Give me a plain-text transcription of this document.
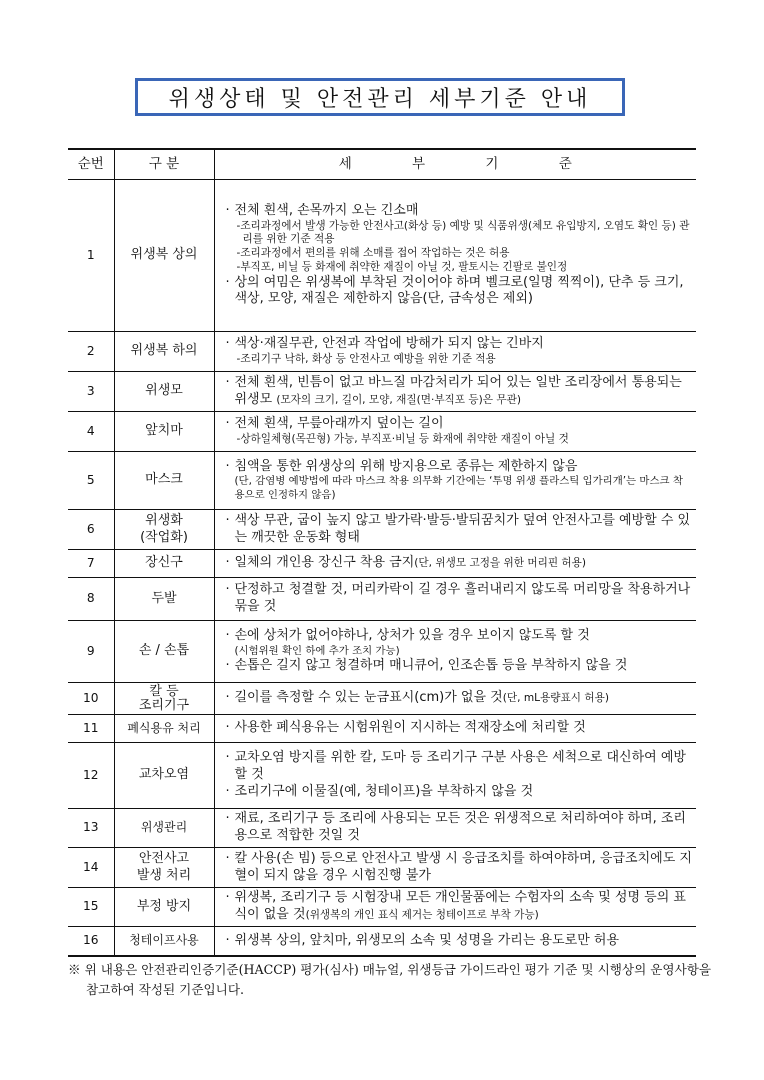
위생상태 및 안전관리 세부기준 안내
순번	구 분	세 부 기 준
1	위생복 상의	· 전체 흰색, 손목까지 오는 긴소매
-조리과정에서 발생 가능한 안전사고(화상 등) 예방 및 식품위생(체모 유입방지, 오염도 확인 등) 관리를 위한 기준 적용
-조리과정에서 편의를 위해 소매를 접어 작업하는 것은 허용
-부직포, 비닐 등 화재에 취약한 재질이 아닐 것, 팔토시는 긴팔로 불인정
· 상의 여밈은 위생복에 부착된 것이어야 하며 벨크로(일명 찍찍이), 단추 등 크기, 색상, 모양, 재질은 제한하지 않음(단, 금속성은 제외)

2	위생복 하의	· 색상·재질무관, 안전과 작업에 방해가 되지 않는 긴바지
-조리기구 낙하, 화상 등 안전사고 예방을 위한 기준 적용

3	위생모	· 전체 흰색, 빈틈이 없고 바느질 마감처리가 되어 있는 일반 조리장에서 통용되는 위생모 (모자의 크기, 길이, 모양, 재질(면·부직포 등)은 무관)

4	앞치마	· 전체 흰색, 무릎아래까지 덮이는 길이
-상하일체형(목끈형) 가능, 부직포·비닐 등 화재에 취약한 재질이 아닐 것

5	마스크	· 침액을 통한 위생상의 위해 방지용으로 종류는 제한하지 않음
(단, 감염병 예방법에 따라 마스크 착용 의무화 기간에는 ‘투명 위생 플라스틱 입가리개’는 마스크 착용으로 인정하지 않음)

6	위생화
(작업화)	· 색상 무관, 굽이 높지 않고 발가락·발등·발뒤꿈치가 덮여 안전사고를 예방할 수 있는 깨끗한 운동화 형태

7	장신구	· 일체의 개인용 장신구 착용 금지(단, 위생모 고정을 위한 머리핀 허용)

8	두발	· 단정하고 청결할 것, 머리카락이 길 경우 흘러내리지 않도록 머리망을 착용하거나 묶을 것

9	손 / 손톱	· 손에 상처가 없어야하나, 상처가 있을 경우 보이지 않도록 할 것
(시험위원 확인 하에 추가 조치 가능)
· 손톱은 길지 않고 청결하며 매니큐어, 인조손톱 등을 부착하지 않을 것

10	칼 등
조리기구	· 길이를 측정할 수 있는 눈금표시(cm)가 없을 것(단, mL용량표시 허용)

11	폐식용유 처리	· 사용한 폐식용유는 시험위원이 지시하는 적재장소에 처리할 것

12	교차오염	· 교차오염 방지를 위한 칼, 도마 등 조리기구 구분 사용은 세척으로 대신하여 예방할 것
· 조리기구에 이물질(예, 청테이프)을 부착하지 않을 것

13	위생관리	· 재료, 조리기구 등 조리에 사용되는 모든 것은 위생적으로 처리하여야 하며, 조리용으로 적합한 것일 것

14	안전사고
발생 처리	· 칼 사용(손 빔) 등으로 안전사고 발생 시 응급조치를 하여야하며, 응급조치에도 지혈이 되지 않을 경우 시험진행 불가

15	부정 방지	· 위생복, 조리기구 등 시험장내 모든 개인물품에는 수험자의 소속 및 성명 등의 표식이 없을 것(위생복의 개인 표식 제거는 청테이프로 부착 가능)

16	청테이프사용	· 위생복 상의, 앞치마, 위생모의 소속 및 성명을 가리는 용도로만 허용
※ 위 내용은 안전관리인증기준(HACCP) 평가(심사) 매뉴얼, 위생등급 가이드라인 평가 기준 및 시행상의 운영사항을 참고하여 작성된 기준입니다.
